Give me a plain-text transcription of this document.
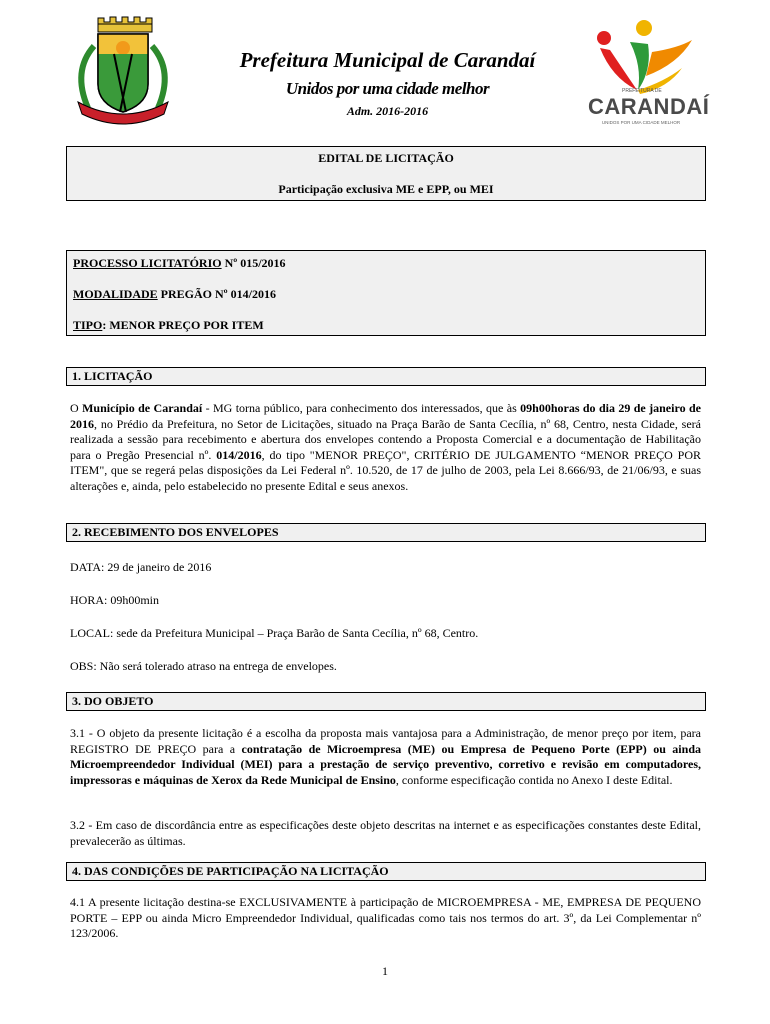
Prefeitura Municipal de Carandaí
Unidos por uma cidade melhor
Adm. 2016-2016
PREFEITURA DE
CARANDAÍ
UNIDOS POR UMA CIDADE MELHOR
EDITAL DE LICITAÇÃO
Participação exclusiva ME e EPP, ou MEI
PROCESSO LICITATÓRIO Nº 015/2016
MODALIDADE PREGÃO Nº 014/2016
TIPO: MENOR PREÇO POR ITEM
1. LICITAÇÃO
O Município de Carandaí - MG torna público, para conhecimento dos interessados, que às 09h00horas do dia 29 de janeiro de 2016, no Prédio da Prefeitura, no Setor de Licitações, situado na Praça Barão de Santa Cecília, nº 68, Centro, nesta Cidade, será realizada a sessão para recebimento e abertura dos envelopes contendo a Proposta Comercial e a documentação de Habilitação para o Pregão Presencial nº. 014/2016, do tipo "MENOR PREÇO", CRITÉRIO DE JULGAMENTO “MENOR PREÇO POR ITEM", que se regerá pelas disposições da Lei Federal nº. 10.520, de 17 de julho de 2003, pela Lei 8.666/93, de 21/06/93, e suas alterações e, ainda, pelo estabelecido no presente Edital e seus anexos.
2. RECEBIMENTO DOS ENVELOPES
DATA: 29 de janeiro de 2016
HORA: 09h00min
LOCAL: sede da Prefeitura Municipal – Praça Barão de Santa Cecília, nº 68, Centro.
OBS: Não será tolerado atraso na entrega de envelopes.
3. DO OBJETO
3.1 - O objeto da presente licitação é a escolha da proposta mais vantajosa para a Administração, de menor preço por item, para REGISTRO DE PREÇO para a contratação de Microempresa (ME) ou Empresa de Pequeno Porte (EPP) ou ainda Microempreendedor Individual (MEI) para a prestação de serviço preventivo, corretivo e revisão em computadores, impressoras e máquinas de Xerox da Rede Municipal de Ensino, conforme especificação contida no Anexo I deste Edital.
3.2 - Em caso de discordância entre as especificações deste objeto descritas na internet e as especificações constantes deste Edital, prevalecerão as últimas.
4. DAS CONDIÇÕES DE PARTICIPAÇÃO NA LICITAÇÃO
4.1 A presente licitação destina-se EXCLUSIVAMENTE à participação de MICROEMPRESA - ME, EMPRESA DE PEQUENO PORTE – EPP ou ainda Micro Empreendedor Individual, qualificadas como tais nos termos do art. 3º, da Lei Complementar nº 123/2006.
1
